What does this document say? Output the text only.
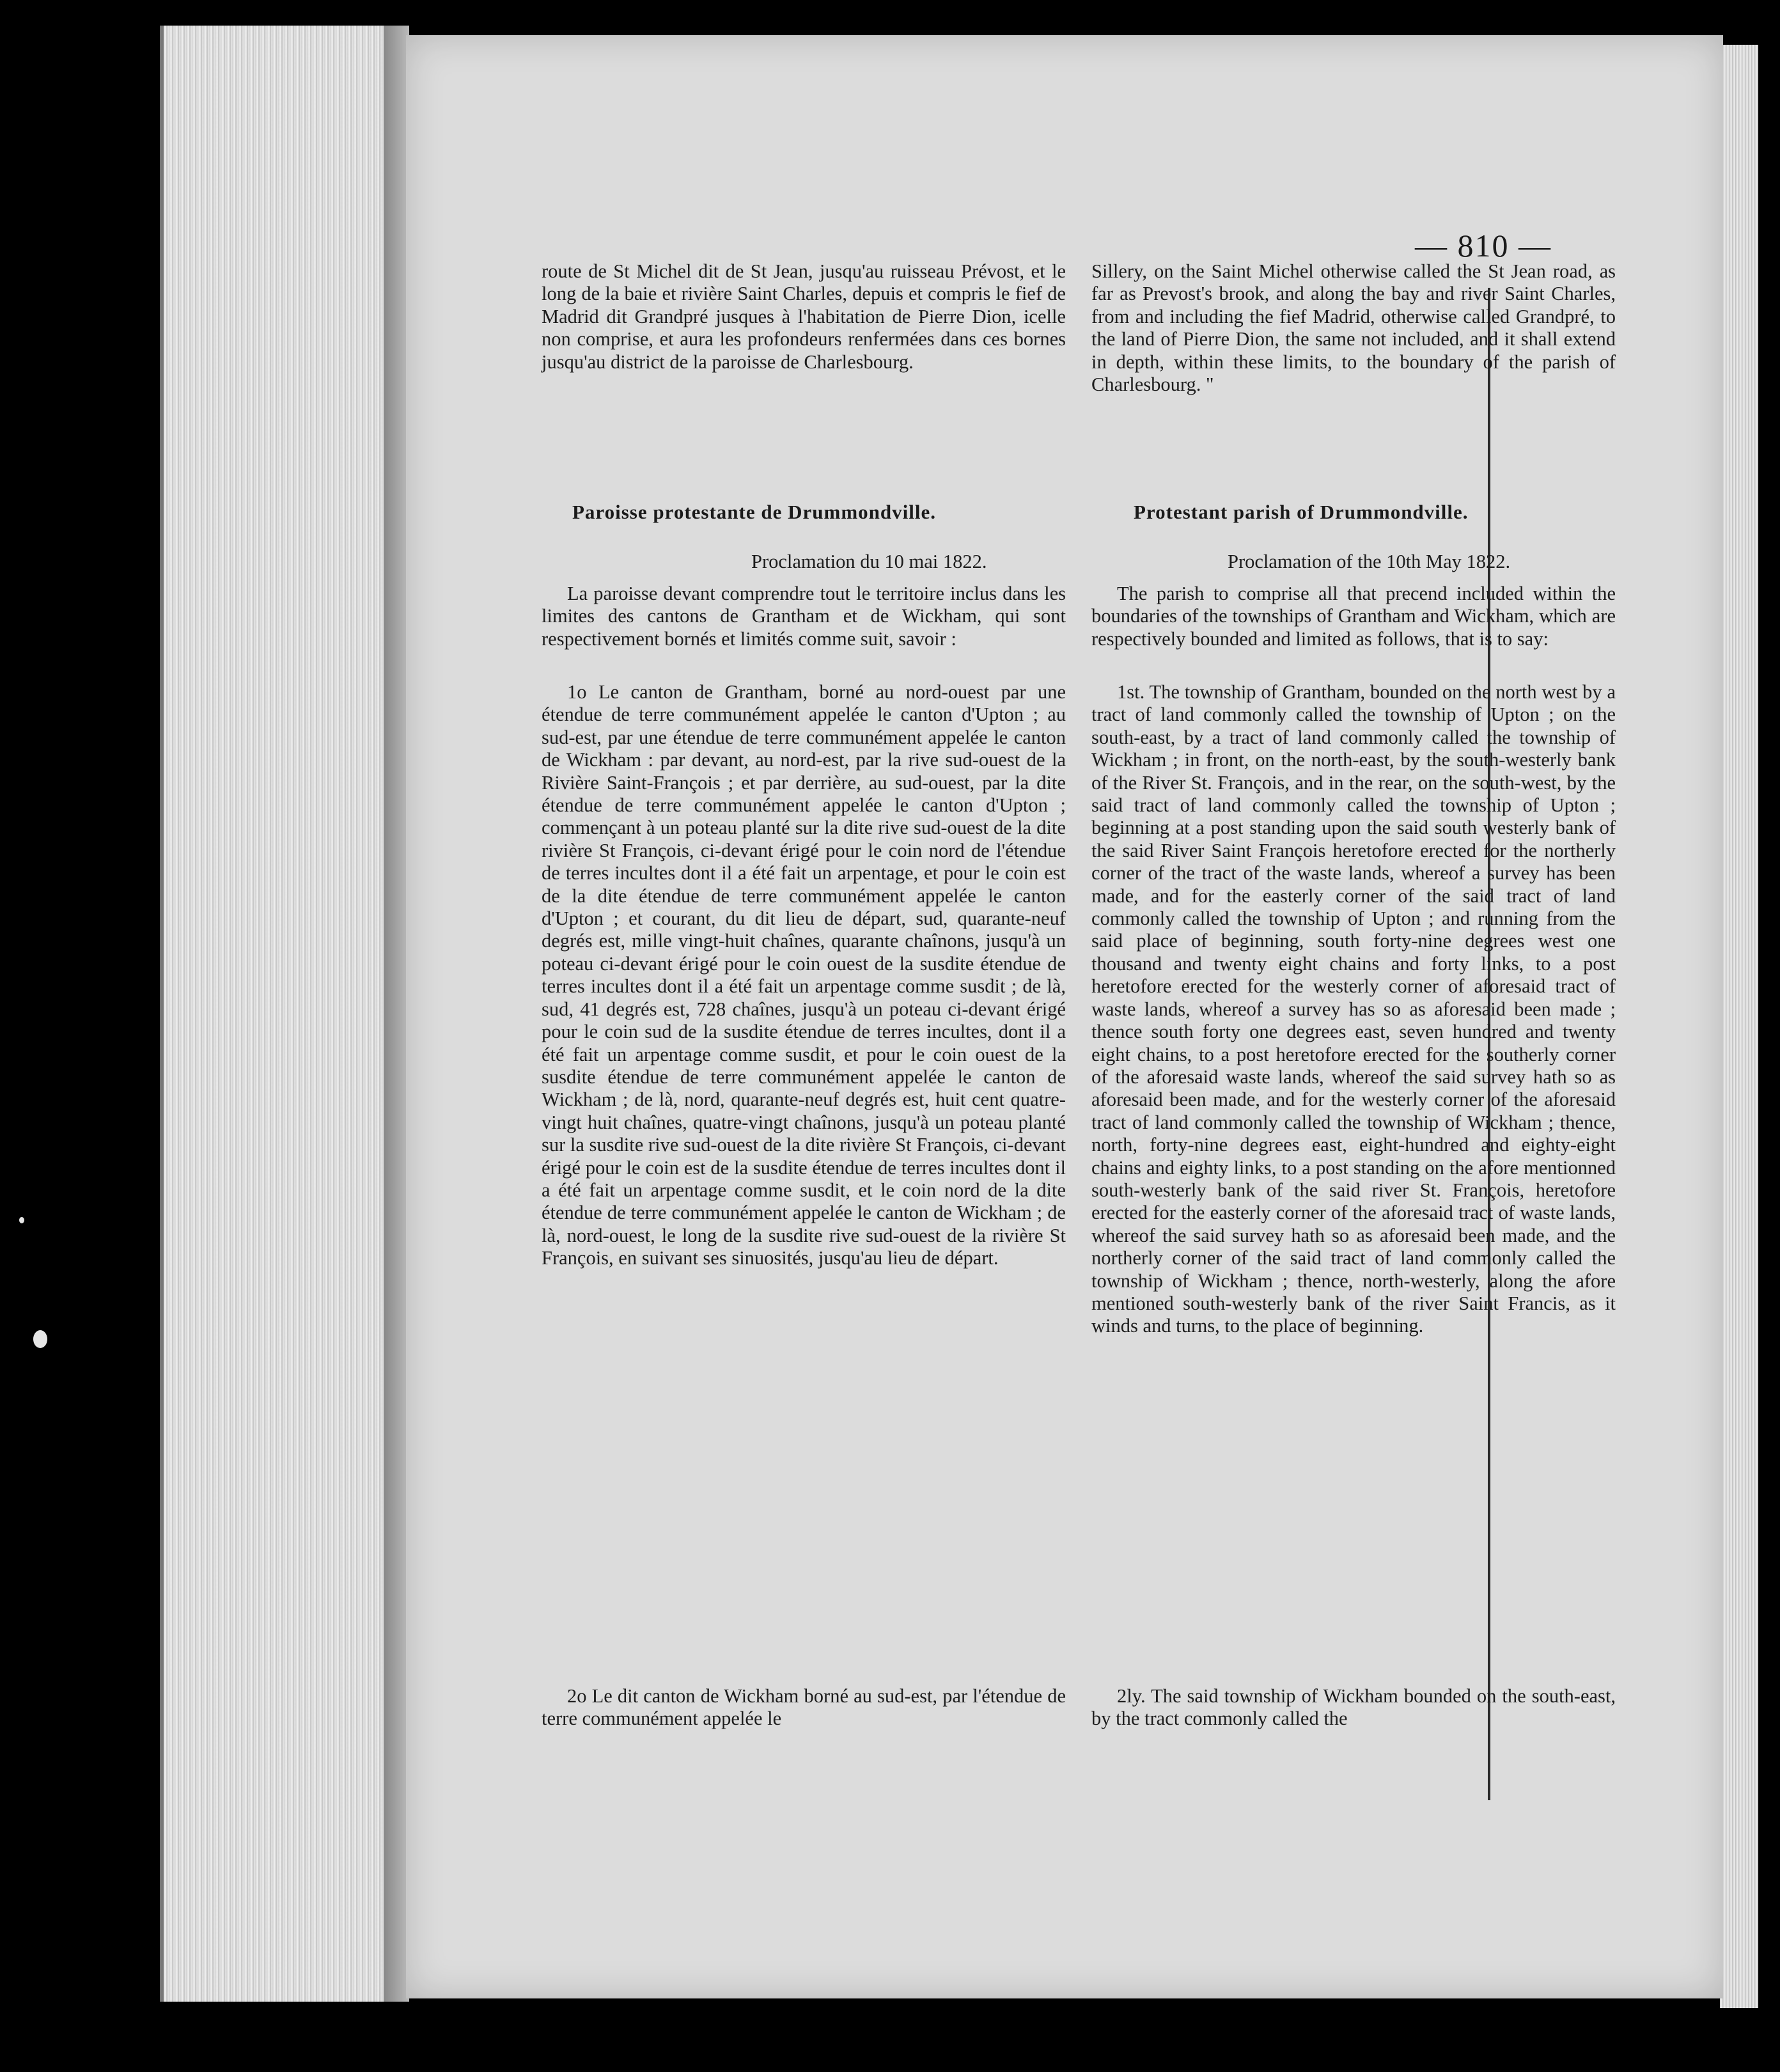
— 810 —

route de St Michel dit de St Jean, jusqu'au ruisseau Prévost, et le long de la baie et rivière Saint Charles, depuis et compris le fief de Madrid dit Grandpré jusques à l'habitation de Pierre Dion, icelle non comprise, et aura les profondeurs renfermées dans ces bornes jusqu'au district de la paroisse de Charlesbourg.

Paroisse protestante de Drummondville.
Proclamation du 10 mai 1822.

La paroisse devant comprendre tout le territoire inclus dans les limites des cantons de Grantham et de Wickham, qui sont respectivement bornés et limités comme suit, savoir :

1o Le canton de Grantham, borné au nord-ouest par une étendue de terre communément appelée le canton d'Upton ; au sud-est, par une étendue de terre communément appelée le canton de Wickham : par devant, au nord-est, par la rive sud-ouest de la Rivière Saint-François ; et par derrière, au sud-ouest, par la dite étendue de terre communément appelée le canton d'Upton ; commençant à un poteau planté sur la dite rive sud-ouest de la dite rivière St François, ci-devant érigé pour le coin nord de l'étendue de terres incultes dont il a été fait un arpentage, et pour le coin est de la dite étendue de terre communément appelée le canton d'Upton ; et courant, du dit lieu de départ, sud, quarante-neuf degrés est, mille vingt-huit chaînes, quarante chaînons, jusqu'à un poteau ci-devant érigé pour le coin ouest de la susdite étendue de terres incultes dont il a été fait un arpentage comme susdit ; de là, sud, 41 degrés est, 728 chaînes, jusqu'à un poteau ci-devant érigé pour le coin sud de la susdite étendue de terres incultes, dont il a été fait un arpentage comme susdit, et pour le coin ouest de la susdite étendue de terre communément appelée le canton de Wickham ; de là, nord, quarante-neuf degrés est, huit cent quatre-vingt huit chaînes, quatre-vingt chaînons, jusqu'à un poteau planté sur la susdite rive sud-ouest de la dite rivière St François, ci-devant érigé pour le coin est de la susdite étendue de terres incultes dont il a été fait un arpentage comme susdit, et le coin nord de la dite étendue de terre communément appelée le canton de Wickham ; de là, nord-ouest, le long de la susdite rive sud-ouest de la rivière St François, en suivant ses sinuosités, jusqu'au lieu de départ.

2o Le dit canton de Wickham borné au sud-est, par l'étendue de terre communément appelée le

Sillery, on the Saint Michel otherwise called the St Jean road, as far as Prevost's brook, and along the bay and river Saint Charles, from and including the fief Madrid, otherwise called Grandpré, to the land of Pierre Dion, the same not included, and it shall extend in depth, within these limits, to the boundary of the parish of Charlesbourg. "

Protestant parish of Drummondville.
Proclamation of the 10th May 1822.

The parish to comprise all that precend included within the boundaries of the townships of Grantham and Wickham, which are respectively bounded and limited as follows, that is to say:

1st. The township of Grantham, bounded on the north west by a tract of land commonly called the township of Upton ; on the south-east, by a tract of land commonly called the township of Wickham ; in front, on the north-east, by the south-westerly bank of the River St. François, and in the rear, on the south-west, by the said tract of land commonly called the township of Upton ; beginning at a post standing upon the said south westerly bank of the said River Saint François heretofore erected for the northerly corner of the tract of the waste lands, whereof a survey has been made, and for the easterly corner of the said tract of land commonly called the township of Upton ; and running from the said place of beginning, south forty-nine degrees west one thousand and twenty eight chains and forty links, to a post heretofore erected for the westerly corner of aforesaid tract of waste lands, whereof a survey has so as aforesaid been made ; thence south forty one degrees east, seven hundred and twenty eight chains, to a post heretofore erected for the southerly corner of the aforesaid waste lands, whereof the said survey hath so as aforesaid been made, and for the westerly corner of the aforesaid tract of land commonly called the township of Wickham ; thence, north, forty-nine degrees east, eight-hundred and eighty-eight chains and eighty links, to a post standing on the afore mentionned south-westerly bank of the said river St. François, heretofore erected for the easterly corner of the aforesaid tract of waste lands, whereof the said survey hath so as aforesaid been made, and the northerly corner of the said tract of land commonly called the township of Wickham ; thence, north-westerly, along the afore mentioned south-westerly bank of the river Saint Francis, as it winds and turns, to the place of beginning.

2ly. The said township of Wickham bounded on the south-east, by the tract commonly called the
